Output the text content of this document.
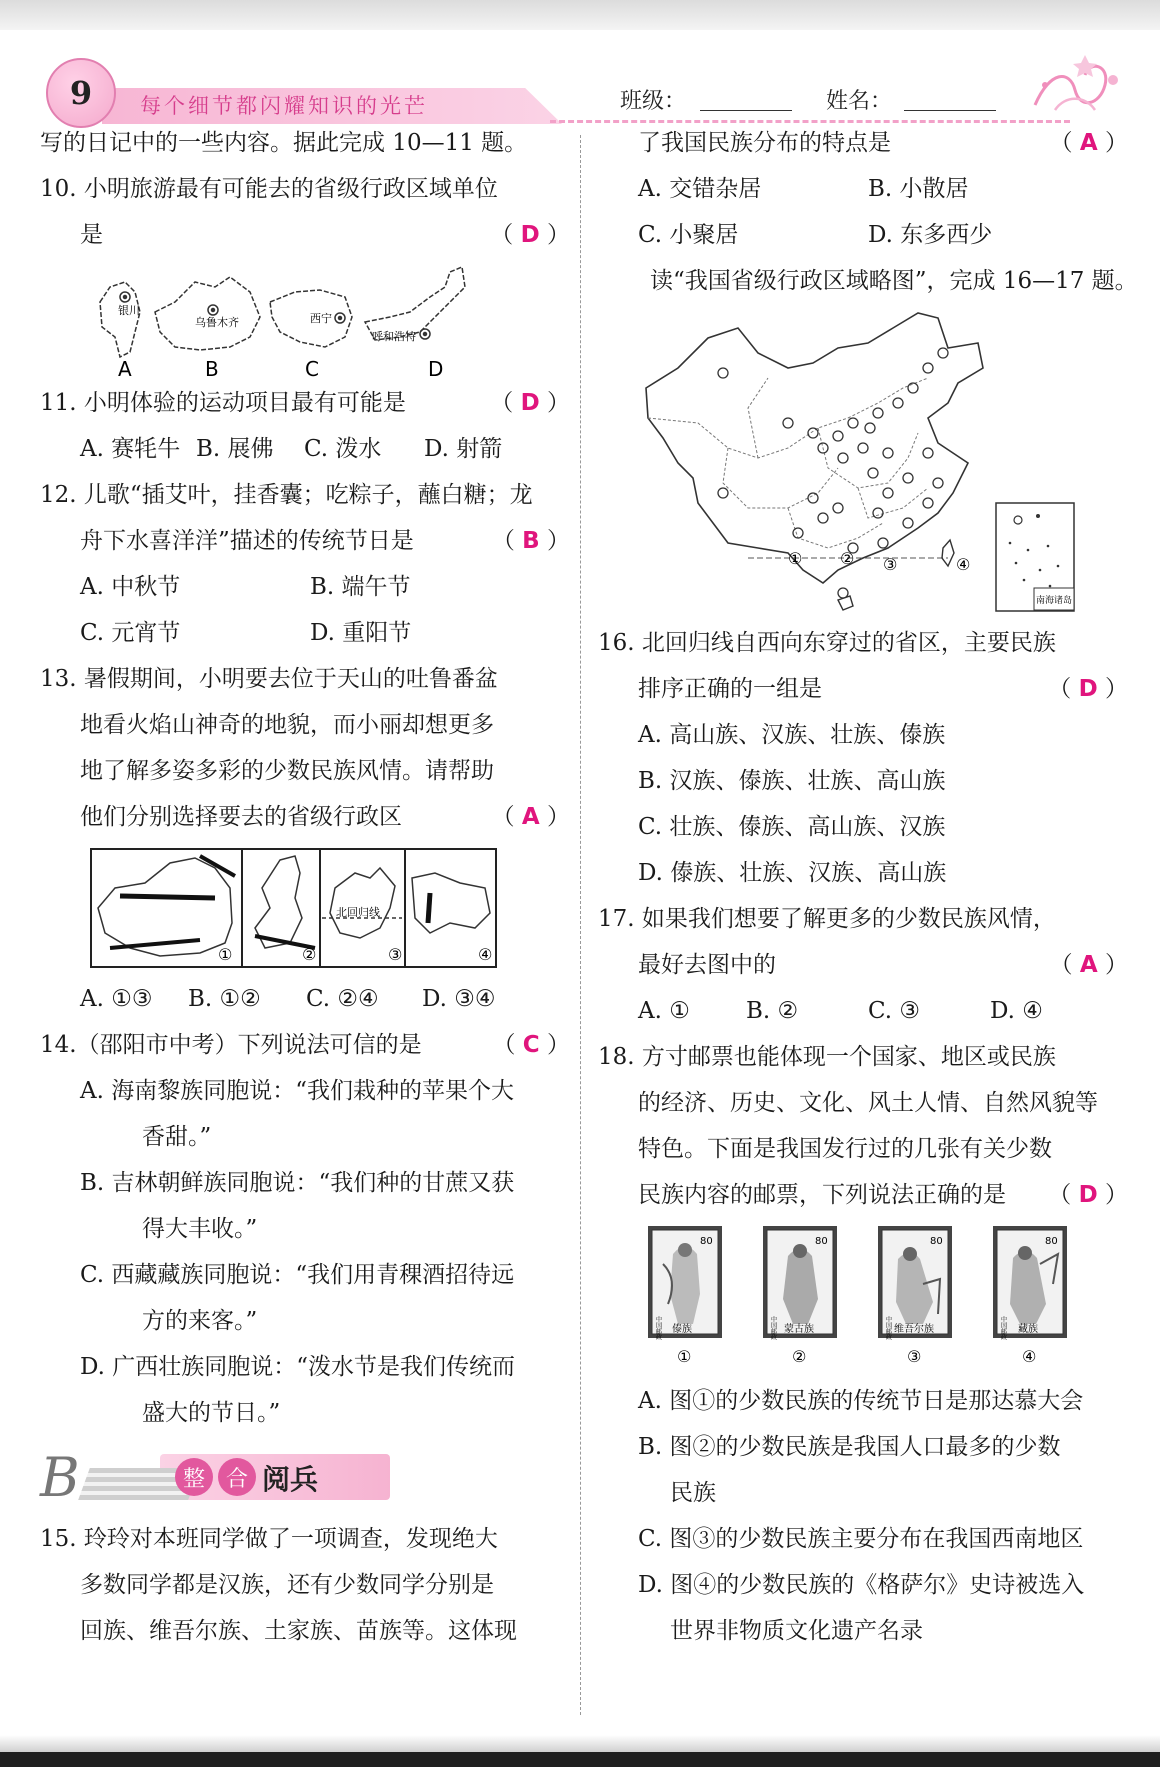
9	每个细节都闪耀知识的光芒	班级：	姓名：
写的日记中的一些内容。据此完成 10—11 题。
10. 小明旅游最有可能去的省级行政区域单位
是	（ D ）
银川
乌鲁木齐	西宁
呼和浩特
A	B	C	D
11. 小明体验的运动项目最有可能是	（ D ）
A. 赛牦牛 B. 展佛	C. 泼水	D. 射箭
12. 儿歌“插艾叶，挂香囊；吃粽子，蘸白糖；龙
舟下水喜洋洋”描述的传统节日是	（ B ）
A. 中秋节	B. 端午节
C. 元宵节	D. 重阳节
13. 暑假期间，小明要去位于天山的吐鲁番盆
地看火焰山神奇的地貌，而小丽却想更多
地了解多姿多彩的少数民族风情。请帮助
他们分别选择要去的省级行政区	（ A ）
北回归线
①	②	③	④
A. ①③	B. ①②	C. ②④	D. ③④
14.（邵阳市中考）下列说法可信的是	（ C ）
A. 海南黎族同胞说：“我们栽种的苹果个大
香甜。”
B. 吉林朝鲜族同胞说：“我们种的甘蔗又获
得大丰收。”
C. 西藏藏族同胞说：“我们用青稞酒招待远
方的来客。”
D. 广西壮族同胞说：“泼水节是我们传统而
盛大的节日。”
B	整 合 阅兵
15. 玲玲对本班同学做了一项调查，发现绝大
多数同学都是汉族，还有少数同学分别是
回族、维吾尔族、土家族、苗族等。这体现
了我国民族分布的特点是	（ A ）
A. 交错杂居	B. 小散居
C. 小聚居	D. 东多西少
读“我国省级行政区域略图”，完成 16—17 题。
① ② ③	④
南海诸岛
16. 北回归线自西向东穿过的省区，主要民族
排序正确的一组是	（ D ）
A. 高山族、汉族、壮族、傣族
B. 汉族、傣族、壮族、高山族
C. 壮族、傣族、高山族、汉族
D. 傣族、壮族、汉族、高山族
17. 如果我们想要了解更多的少数民族风情，
最好去图中的	（ A ）
A. ①	B. ②	C. ③	D. ④
18. 方寸邮票也能体现一个国家、地区或民族
的经济、历史、文化、风土人情、自然风貌等
特色。下面是我国发行过的几张有关少数
民族内容的邮票，下列说法正确的是 （ D ）
80	80	80	80
中国邮政	中国邮政	中国邮政	中国邮政
傣族	蒙古族	维吾尔族	藏族
①	②	③	④
A. 图①的少数民族的传统节日是那达慕大会
B. 图②的少数民族是我国人口最多的少数
民族
C. 图③的少数民族主要分布在我国西南地区
D. 图④的少数民族的《格萨尔》史诗被选入
世界非物质文化遗产名录
